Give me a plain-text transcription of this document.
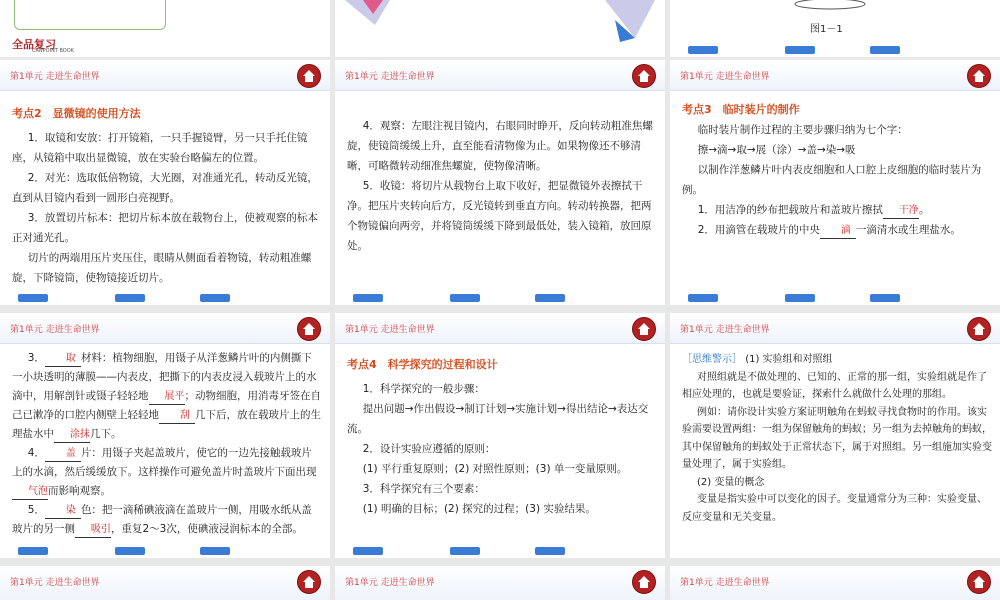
全品复习
CANPOINT BOOK
图1－1
第1单元 走进生命世界

考点2　显微镜的使用方法

1．取镜和安放：打开镜箱，一只手握镜臂，另一只手托住镜座，从镜箱中取出显微镜，放在实验台略偏左的位置。

2．对光：选取低倍物镜，大光圈，对准通光孔，转动反光镜，直到从目镜内看到一圆形白亮视野。

3．放置切片标本：把切片标本放在载物台上，使被观察的标本正对通光孔。

切片的两端用压片夹压住，眼睛从侧面看着物镜，转动粗准螺旋，下降镜筒，使物镜接近切片。

第1单元 走进生命世界

4．观察：左眼注视目镜内，右眼同时睁开，反向转动粗准焦螺旋，使镜筒缓缓上升，直至能看清物像为止。如果物像还不够清晰，可略微转动细准焦螺旋，使物像清晰。

5．收镜：将切片从载物台上取下收好，把显微镜外表擦拭干净。把压片夹转向后方，反光镜转到垂直方向。转动转换器，把两个物镜偏向两旁，并将镜筒缓缓下降到最低处，装入镜箱，放回原处。

第1单元 走进生命世界

考点3　临时装片的制作

临时装片制作过程的主要步骤归纳为七个字：

擦→滴→取→展（涂）→盖→染→吸

以制作洋葱鳞片叶内表皮细胞和人口腔上皮细胞的临时装片为例。

1．用洁净的纱布把载玻片和盖玻片擦拭 干净。

2．用滴管在载玻片的中央 滴 一滴清水或生理盐水。

第1单元 走进生命世界

3． 取 材料：植物细胞，用镊子从洋葱鳞片叶的内侧撕下一小块透明的薄膜——内表皮，把撕下的内表皮浸入载玻片上的水滴中，用解剖针或镊子轻轻地 展平；动物细胞，用消毒牙签在自己已漱净的口腔内侧壁上轻轻地 刮 几下后，放在载玻片上的生理盐水中 涂抹几下。

4． 盖 片：用镊子夹起盖玻片，使它的一边先接触载玻片上的水滴，然后缓缓放下。这样操作可避免盖片时盖玻片下面出现气泡而影响观察。

5． 染 色：把一滴稀碘液滴在盖玻片一侧，用吸水纸从盖玻片的另一侧 吸引，重复2～3次，使碘液浸润标本的全部。

第1单元 走进生命世界

考点4　科学探究的过程和设计

1．科学探究的一般步骤：

提出问题→作出假设→制订计划→实施计划→得出结论→表达交流。

2．设计实验应遵循的原则：

(1) 平行重复原则；(2) 对照性原则；(3) 单一变量原则。

3．科学探究有三个要素：

(1) 明确的目标；(2) 探究的过程；(3) 实验结果。

第1单元 走进生命世界

［思维警示］ (1) 实验组和对照组

对照组就是不做处理的、已知的、正常的那一组，实验组就是作了相应处理的，也就是要验证，探索什么就做什么处理的那组。

例如：请你设计实验方案证明触角在蚂蚁寻找食物时的作用。该实验需要设置两组：一组为保留触角的蚂蚁；另一组为去掉触角的蚂蚁，其中保留触角的蚂蚁处于正常状态下，属于对照组。另一组施加实验变量处理了，属于实验组。

(2) 变量的概念

变量是指实验中可以变化的因子。变量通常分为三种：实验变量、反应变量和无关变量。

第1单元 走进生命世界	第1单元 走进生命世界	第1单元 走进生命世界
